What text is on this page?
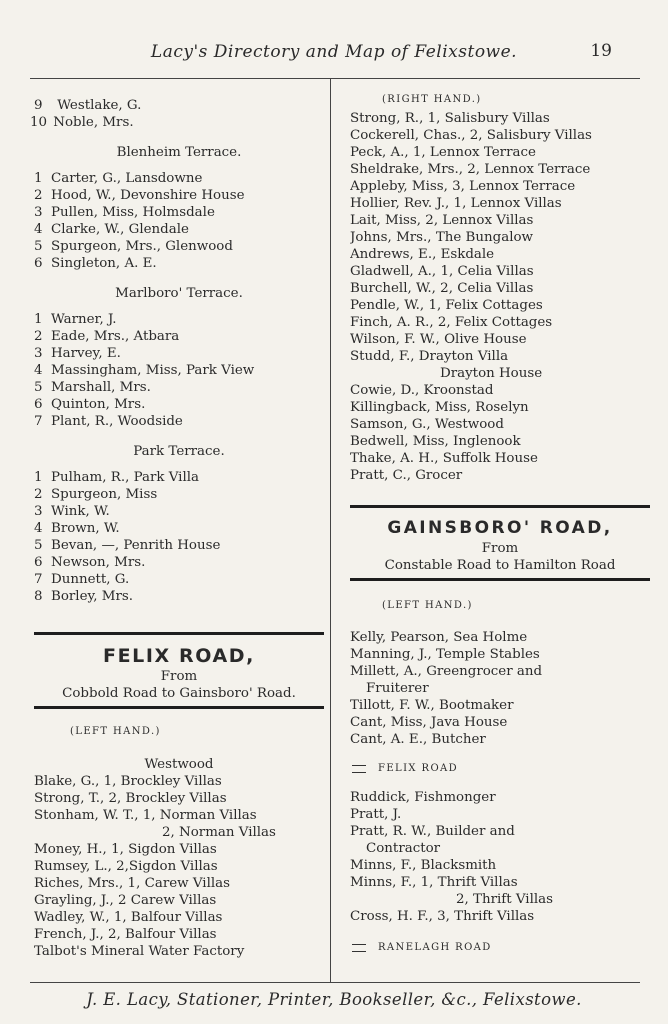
Lacy's Directory and Map of Felixstowe.	19
9 Westlake, G.
10 Noble, Mrs.
Blenheim Terrace.
1 Carter, G., Lansdowne
2 Hood, W., Devonshire House
3 Pullen, Miss, Holmsdale
4 Clarke, W., Glendale
5 Spurgeon, Mrs., Glenwood
6 Singleton, A. E.
Marlboro' Terrace.
1 Warner, J.
2 Eade, Mrs., Atbara
3 Harvey, E.
4 Massingham, Miss, Park View
5 Marshall, Mrs.
6 Quinton, Mrs.
7 Plant, R., Woodside
Park Terrace.
1 Pulham, R., Park Villa
2 Spurgeon, Miss
3 Wink, W.
4 Brown, W.
5 Bevan, —, Penrith House
6 Newson, Mrs.
7 Dunnett, G.
8 Borley, Mrs.
FELIX ROAD,
From
Cobbold Road to Gainsboro' Road.
(LEFT HAND.)
Westwood
Blake, G., 1, Brockley Villas
Strong, T., 2, Brockley Villas
Stonham, W. T., 1, Norman Villas
2, Norman Villas
Money, H., 1, Sigdon Villas
Rumsey, L., 2,Sigdon Villas
Riches, Mrs., 1, Carew Villas
Grayling, J., 2 Carew Villas
Wadley, W., 1, Balfour Villas
French, J., 2, Balfour Villas
Talbot's Mineral Water Factory
(RIGHT HAND.)
Strong, R., 1, Salisbury Villas
Cockerell, Chas., 2, Salisbury Villas
Peck, A., 1, Lennox Terrace
Sheldrake, Mrs., 2, Lennox Terrace
Appleby, Miss, 3, Lennox Terrace
Hollier, Rev. J., 1, Lennox Villas
Lait, Miss, 2, Lennox Villas
Johns, Mrs., The Bungalow
Andrews, E., Eskdale
Gladwell, A., 1, Celia Villas
Burchell, W., 2, Celia Villas
Pendle, W., 1, Felix Cottages
Finch, A. R., 2, Felix Cottages
Wilson, F. W., Olive House
Studd, F., Drayton Villa
Drayton House
Cowie, D., Kroonstad
Killingback, Miss, Roselyn
Samson, G., Westwood
Bedwell, Miss, Inglenook
Thake, A. H., Suffolk House
Pratt, C., Grocer
GAINSBORO' ROAD,
From
Constable Road to Hamilton Road
(LEFT HAND.)
Kelly, Pearson, Sea Holme
Manning, J., Temple Stables
Millett, A., Greengrocer and
Fruiterer
Tillott, F. W., Bootmaker
Cant, Miss, Java House
Cant, A. E., Butcher
FELIX ROAD
Ruddick, Fishmonger
Pratt, J.
Pratt, R. W., Builder and
Contractor
Minns, F., Blacksmith
Minns, F., 1, Thrift Villas
2, Thrift Villas
Cross, H. F., 3, Thrift Villas
RANELAGH ROAD
J. E. Lacy, Stationer, Printer, Bookseller, &c., Felixstowe.
